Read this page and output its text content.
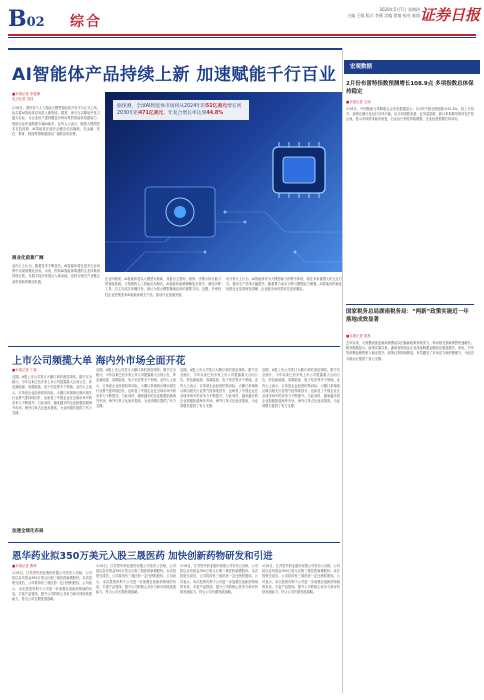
B02 综合
2020年5月7日 星期四
主编 王敏 版式 李燕 美编 徐倩 校对 陈倩 证券日报
AI智能体产品持续上新 加速赋能千行百业
■本报记者 李雯珊
见习记者 刘钊
1月6日，国内首个人工智能大模型智能体开发平台正式上线，标志着AI智能体应用进入新阶段。据悉，该平台以降低开发门槛为目标，为企业用户提供覆盖多种场景的智能体搭建能力，帮助企业快速构建专属AI助手。业内人士表示，随着大模型技术日趋成熟，AI智能体正逐步从概念走向落地，在金融、医疗、教育、制造等领域展现出广阔的应用前景。
商业化前景广阔
业内人士认为，随着技术不断迭代，AI智能体将在更多行业场景中实现规模化应用。未来，围绕AI智能体构建的生态体系将持续完善，为数字经济发展注入新动能，也将为相关产业链企业带来新的增长机遇。
据预测，全球AI智能体市场将从2024年的51亿美元增长到2030年的471亿美元，年复合增长率达到44.8%
在业内看来，AI智能体是以大模型为基础、具备自主感知、规划、决策与执行能力的智能系统。与传统的人工智能应用相比，AI智能体能够理解复杂指令，调用多种工具，自主完成多步骤任务，被认为是大模型落地应用的重要方向。近期，多家科技企业密集发布AI智能体相关产品，推动行业加速发展。
有分析人士认为，AI智能体作为大模型能力的集中体现，将在未来重塑人机交互方式，推动生产效率大幅提升。随着算力成本下降与模型能力增强，AI智能体的商业化路径正变得愈发清晰，企业级市场有望率先迎来爆发。
宏观数据
2月份布雷特指数预测增长108.9点 多项指数总体保持稳定
■本报记者 王丽
1月6日，中国物流与采购联合会发布数据显示，2月份中国仓储指数为51.3%，较上月回升，表明仓储行业运行总体平稳。从分项指数来看，业务量指数、新订单指数均保持在扩张区间，显示市场需求稳步恢复，行业运行韧性持续增强，企业经营预期总体向好。
国家税务总局湖南税务局：“两新”政策实施近一年 落地成效显著
■本报记者 曾燕
去年以来，大规模设备更新和消费品以旧换新政策持续发力，带动相关领域销售快速增长。税务数据显示，政策实施以来，湖南省制造业企业设备购置金额同比明显增长，家电、汽车等消费品销售收入稳步提升，政策红利持续释放，有效激发了市场活力和消费潜力，为经济平稳运行提供了有力支撑。
上市公司频揽大单 海内外市场全面开花
■本报记者 丁蓉
近期，A股上市公司签订大额订单的消息频传。据不完全统计，今年以来已有多家上市公司披露重大合同公告，涉及新能源、高端装备、电子信息等多个领域。业内人士表示，订单是企业经营的风向标，大额订单频现反映出相关行业景气度持续回升，也彰显了中国企业在全球市场中的竞争力不断提升。与此同时，越来越多的企业积极拓展海外市场，海外订单占比逐步提高，为业绩增长提供了有力支撑。
加速全球化布局
近期，A股上市公司签订大额订单的消息频传。据不完全统计，今年以来已有多家上市公司披露重大合同公告，涉及新能源、高端装备、电子信息等多个领域。业内人士表示，订单是企业经营的风向标，大额订单频现反映出相关行业景气度持续回升，也彰显了中国企业在全球市场中的竞争力不断提升。与此同时，越来越多的企业积极拓展海外市场，海外订单占比逐步提高，为业绩增长提供了有力支撑。
近期，A股上市公司签订大额订单的消息频传。据不完全统计，今年以来已有多家上市公司披露重大合同公告，涉及新能源、高端装备、电子信息等多个领域。业内人士表示，订单是企业经营的风向标，大额订单频现反映出相关行业景气度持续回升，也彰显了中国企业在全球市场中的竞争力不断提升。与此同时，越来越多的企业积极拓展海外市场，海外订单占比逐步提高，为业绩增长提供了有力支撑。
近期，A股上市公司签订大额订单的消息频传。据不完全统计，今年以来已有多家上市公司披露重大合同公告，涉及新能源、高端装备、电子信息等多个领域。业内人士表示，订单是企业经营的风向标，大额订单频现反映出相关行业景气度持续回升，也彰显了中国企业在全球市场中的竞争力不断提升。与此同时，越来越多的企业积极拓展海外市场，海外订单占比逐步提高，为业绩增长提供了有力支撑。
恩华药业拟350万美元入股三晟医药 加快创新药物研发和引进
■本报记者 曹琦
1月6日，江苏恩华药业股份有限公司发布公告称，公司拟以自有资金350万美元认购三晟医药新增股份。本次投资完成后，公司将持有三晟医药一定比例的股权。公司表示，本次投资有利于公司进一步加强在创新药领域的布局，丰富产品管线，提升公司的核心竞争力和可持续发展能力，符合公司长期发展战略。
1月6日，江苏恩华药业股份有限公司发布公告称，公司拟以自有资金350万美元认购三晟医药新增股份。本次投资完成后，公司将持有三晟医药一定比例的股权。公司表示，本次投资有利于公司进一步加强在创新药领域的布局，丰富产品管线，提升公司的核心竞争力和可持续发展能力，符合公司长期发展战略。
1月6日，江苏恩华药业股份有限公司发布公告称，公司拟以自有资金350万美元认购三晟医药新增股份。本次投资完成后，公司将持有三晟医药一定比例的股权。公司表示，本次投资有利于公司进一步加强在创新药领域的布局，丰富产品管线，提升公司的核心竞争力和可持续发展能力，符合公司长期发展战略。
1月6日，江苏恩华药业股份有限公司发布公告称，公司拟以自有资金350万美元认购三晟医药新增股份。本次投资完成后，公司将持有三晟医药一定比例的股权。公司表示，本次投资有利于公司进一步加强在创新药领域的布局，丰富产品管线，提升公司的核心竞争力和可持续发展能力，符合公司长期发展战略。
